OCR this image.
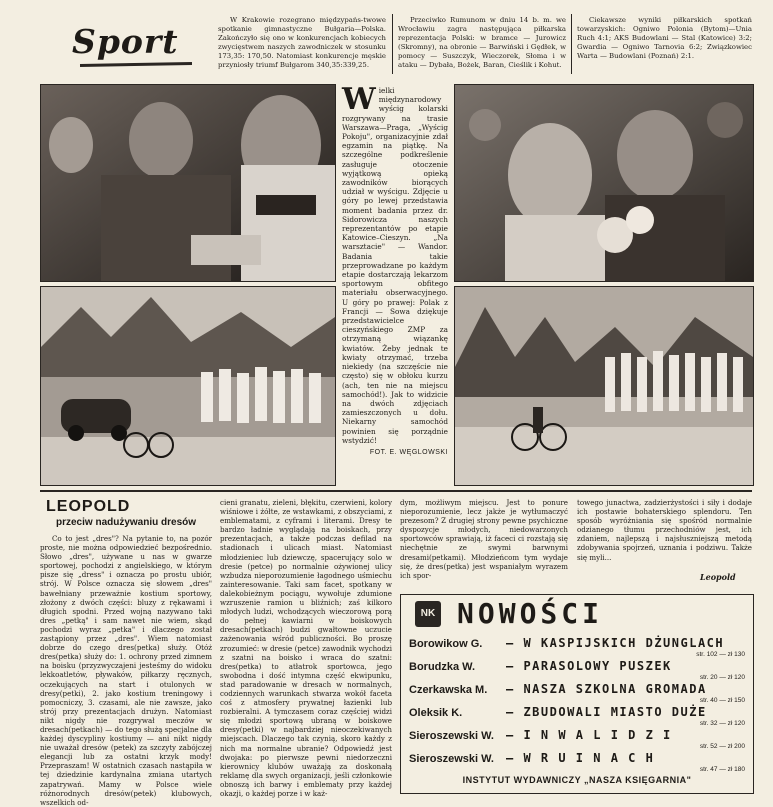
Sport

W Krakowie rozegrano międzypańs-twowe spotkanie gimnastyczne Bułgaria—Polska. Zakończyło się ono w konkurencjach kobiecych zwycięstwem naszych zawodniczek w stosunku 173,35: 170,50. Natomiast konkurencje męskie przyniosły triumf Bułgarom 340,35:339,25.

Przeciwko Rumunom w dniu 14 b. m. we Wrocławiu zagra następująca piłkarska reprezentacja Polski: w bramce — Jurowicz (Skromny), na obronie — Barwiński i Gędłek, w pomocy — Suszczyk, Wieczorek, Słoma i w ataku — Dybała, Bożek, Baran, Cieślik i Kohut.

Ciekawsze wyniki piłkarskich spotkań towarzyskich: Ogniwo Polonia (Bytom)—Unia Ruch 4:1; AKS Budowlani — Stal (Katowice) 3:2; Gwardia — Ogniwo Tarnovia 6:2; Związkowiec Warta — Budowlani (Poznań) 2:1.

Wielki międzynarodowy wyścig kolarski rozgrywany na trasie Warszawa—Praga, „Wyścig Pokoju", organizacyjnie zdał egzamin na piątkę. Na szczególne podkreślenie zasługuje otoczenie wyjątkową opieką zawodników biorących udział w wyścigu. Zdjęcie u góry po lewej przedstawia moment badania przez dr. Sidorowicza naszych reprezentantów po etapie Katowice–Cieszyn. „Na warsztacie" — Wandor. Badania takie przeprowadzane po każdym etapie dostarczają lekarzom sportowym obfitego materiału obserwacyjnego. U góry po prawej: Polak z Francji — Sowa dziękuje przedstawicielce cieszyńskiego ZMP za otrzymaną wiązankę kwiatów. Żeby jednak te kwiaty otrzymać, trzeba niekiedy (na szczęście nie często) się w obłoku kurzu (ach, ten nie na miejscu samochód!). Jak to widzicie na dwóch zdjęciach zamieszczonych u dołu. Niekarny samochód powinien się porządnie wstydzić!

FOT. E. WĘGLOWSKI
LEOPOLD
przeciw nadużywaniu dresów

Co to jest „dres"? Na pytanie to, na pozór proste, nie można odpowiedzieć bezpośrednio. Słowo „dres", używane u nas w gwarze sportowej, pochodzi z angielskiego, w którym pisze się „dress" i oznacza po prostu ubiór, strój. W Polsce oznacza się słowem „dres" bawełniany przeważnie kostium sportowy, złożony z dwóch części: bluzy z rękawami i długich spodni. Przed wojną nazywano taki dres „petką" i sam nawet nie wiem, skąd pochodzi wyraz „petka" i dlaczego został zastąpiony przez „dres". Wiem natomiast dobrze do czego dres(petka) służy. Otóż dres(petka) służy do: 1. ochrony przed zimnem na boisku (przyzwyczajeni jesteśmy do widoku lekkoatletów, pływaków, piłkarzy ręcznych, oczekujących na start i otulonych w dresy(petki), 2. jako kostium treningowy i pomocniczy, 3. czasami, ale nie zawsze, jako strój przy prezentacjach drużyn. Natomiast nikt nigdy nie rozgrywał meczów w dresach(petkach) — do tego służą specjalne dla każdej dyscypliny kostiumy — ani nikt nigdy nie uważał dresów (petek) za szczyty zabójczej elegancji lub za ostatni krzyk mody! Przepraszam! W ostatnich czasach nastąpiła w tej dziedzinie kardynalna zmiana utartych zapatrywań. Mamy w Polsce wiele różnorodnych dresów(petek) klubowych, wszelkich od-

cieni granatu, zieleni, błękitu, czerwieni, kolory wiśniowe i żółte, ze wstawkami, z obszyciami, z emblematami, z cyframi i literami. Dresy te bardzo ładnie wyglądają na boiskach, przy prezentacjach, a także podczas defilad na stadionach i ulicach miast. Natomiast młodzieniec lub dziewczę, spacerujący solo w dresie (petce) po normalnie ożywionej ulicy wzbudza nieporozumienie łagodnego uśmiechu zainteresowanie. Taki sam facet, spotkany w dalekobieżnym pociągu, wywołuje zdumione wzruszenie ramion u bliźnich; zaś kilkoro młodych ludzi, wchodzących wieczorową porą do pełnej kawiarni w boiskowych dresach(petkach) budzi gwałtowne uczucie zażenowania wśród publiczności. Bo proszę zrozumieć: w dresie (petce) zawodnik wychodzi z szatni na boisko i wraca do szatni: dres(petka) to atłatrok sportowca, jego swobodna i dość intymna część ekwipunku, stad paradowanie w dresach w normalnych, codziennych warunkach stwarza wokół faceta coś z atmosfery prywatnej łazienki lub rozbieralni. A tymczasem coraz częściej widzi się młodzi sportową ubraną w boiskowe dresy(petki) w najbardziej nieoczekiwanych miejscach. Dlaczego tak czynią, skoro każdy z nich ma normalne ubranie? Odpowiedź jest dwojaka: po pierwsze pewni niedorzeczni kierownicy klubów uważają za doskonałą reklamę dla swych organizacji, jeśli członkowie obnoszą ich barwy i emblematy przy każdej okazji, o każdej porze i w każ-

dym, możliwym miejscu. Jest to ponure nieporozumienie, lecz jakże je wytłumaczyć prezesom? Z drugiej strony pewne psychiczne dyspozycje młodych, niedowarzonych sportowców sprawiają, iż faceci ci rozstają się niechętnie ze swymi barwnymi dresami(petkami). Młodzieńcom tym wydaje się, że dres(petka) jest wspaniałym wyrazem ich spor-

towego junactwa, zadzierżystości i siły i dodaje ich postawie bohaterskiego splendoru. Ten sposób wyróżniania się spośród normalnie odzianego tłumu przechodniów jest, ich zdaniem, najlepszą i najsłuszniejszą metodą zdobywania spojrzeń, uznania i podziwu. Także się myli...

Leopold
NK NOWOŚCI
Borowikow G. — W KASPIJSKICH DŻUNGLACH
str. 102 — zł 130
Borudzka W.	— PARASOLOWY PUSZEK
str. 20 — zł 120
Czerkawska M. — NASZA SZKOLNA GROMADA
str. 40 — zł 150
Oleksik K.	— ZBUDOWALI MIASTO DUŻE
str. 32 — zł 120
Sieroszewski W. — I N W A L I D Z I
str. 52 — zł 200
Sieroszewski W. — W R U I N A C H
str. 47 — zł 180
INSTYTUT WYDAWNICZY „NASZA KSIĘGARNIA"
